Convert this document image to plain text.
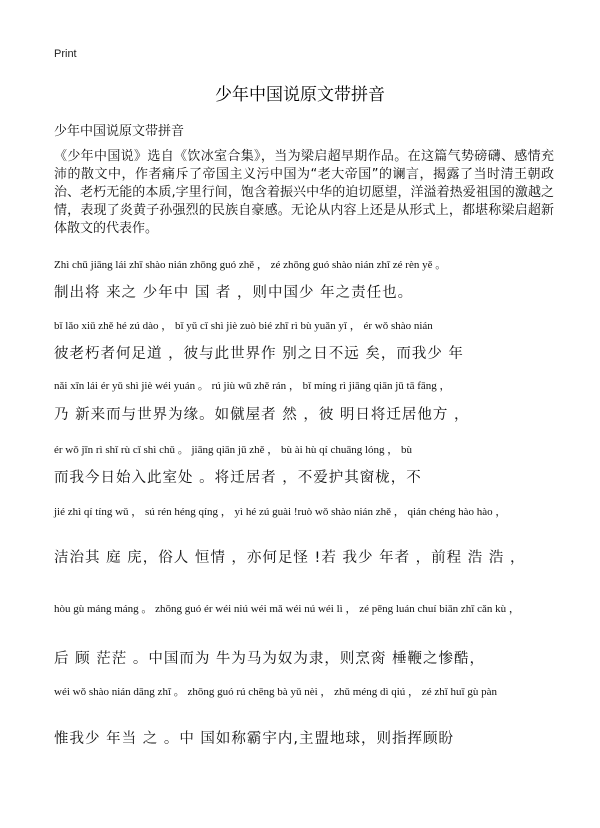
Print
少年中国说原文带拼音
少年中国说原文带拼音

《少年中国说》选自《饮冰室合集》，当为梁启超早期作品。在这篇气势磅礴、感情充沛的散文中，作者痛斥了帝国主义污中国为“老大帝国”的谰言，揭露了当时清王朝政治、老朽无能的本质,字里行间，饱含着振兴中华的迫切愿望，洋溢着热爱祖国的激越之情，表现了炎黄子孙强烈的民族自豪感。无论从内容上还是从形式上，都堪称梁启超新体散文的代表作。

Zhì chū jiāng lái zhī shào nián zhōng guó zhě ， zé zhōng guó shào nián zhī zé rèn yě 。

制出将 来之 少年中 国 者 ，则中国少 年之责任也。

bǐ lǎo xiǔ zhě hé zú dào ， bǐ yǔ cǐ shì jiè zuò bié zhī rì bù yuǎn yǐ ， ér wǒ shào nián

彼老朽者何足道 ，彼与此世界作 别之日不远 矣，而我少 年

nǎi xīn lái ér yǔ shì jiè wéi yuán 。 rú jiù wū zhě rán ， bǐ míng rì jiāng qiān jū tā fāng ，

乃 新来而与世界为缘。如僦屋者 然 ，彼 明日将迁居他方 ，

ér wǒ jīn rì shǐ rù cǐ shì chǔ 。 jiāng qiān jū zhě ， bù ài hù qí chuāng lóng ， bù

而我今日始入此室处 。将迁居者 ，不爱护其窗栊，不

jié zhì qí tíng wǔ ， sú rén héng qíng ， yì hé zú guài !ruò wǒ shào nián zhě ， qián chéng hào hào ，

洁治其 庭 庑，俗人 恒情 ，亦何足怪 !若 我少 年者 ，前程 浩 浩 ，

hòu gù máng máng 。 zhōng guó ér wéi niú wéi mǎ wéi nú wéi lì ， zé pēng luán chuí biān zhī cǎn kù ，

后 顾 茫茫 。中国而为 牛为马为奴为隶，则烹脔 棰鞭之惨酷，

wéi wǒ shào nián dāng zhī 。 zhōng guó rú chēng bà yǔ nèi ， zhǔ méng dì qiú ， zé zhǐ huī gù pàn

惟我少 年当 之 。中 国如称霸宇内,主盟地球，则指挥顾盼
